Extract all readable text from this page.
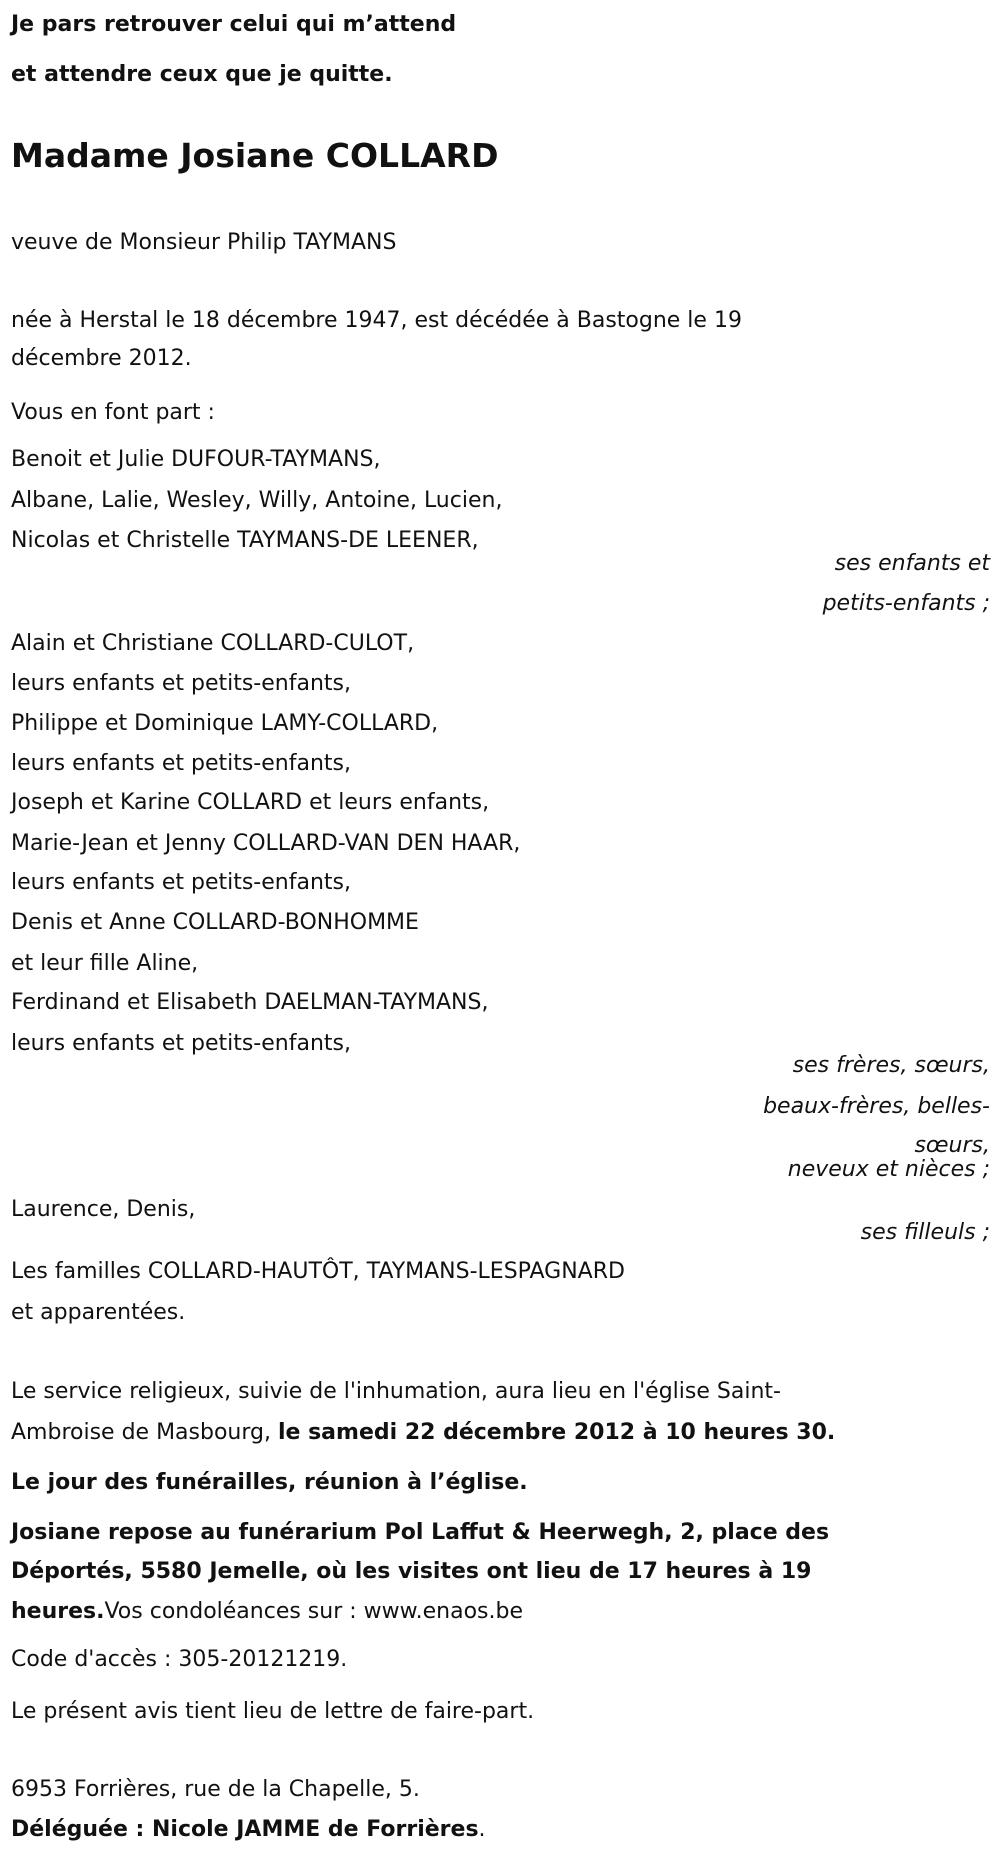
Je pars retrouver celui qui m’attend
et attendre ceux que je quitte.
Madame Josiane COLLARD
veuve de Monsieur Philip TAYMANS
née à Herstal le 18 décembre 1947, est décédée à Bastogne le 19
décembre 2012.
Vous en font part :
Benoit et Julie DUFOUR-TAYMANS,
Albane, Lalie, Wesley, Willy, Antoine, Lucien,
Nicolas et Christelle TAYMANS-DE LEENER,
ses enfants et
petits-enfants ;
Alain et Christiane COLLARD-CULOT,
leurs enfants et petits-enfants,
Philippe et Dominique LAMY-COLLARD,
leurs enfants et petits-enfants,
Joseph et Karine COLLARD et leurs enfants,
Marie-Jean et Jenny COLLARD-VAN DEN HAAR,
leurs enfants et petits-enfants,
Denis et Anne COLLARD-BONHOMME
et leur fille Aline,
Ferdinand et Elisabeth DAELMAN-TAYMANS,
leurs enfants et petits-enfants,
ses frères, sœurs,
beaux-frères, belles-
sœurs,
neveux et nièces ;
Laurence, Denis,
ses filleuls ;
Les familles COLLARD-HAUTÔT, TAYMANS-LESPAGNARD
et apparentées.
Le service religieux, suivie de l'inhumation, aura lieu en l'église Saint-
Ambroise de Masbourg, le samedi 22 décembre 2012 à 10 heures 30.
Le jour des funérailles, réunion à l’église.
Josiane repose au funérarium Pol Laffut & Heerwegh, 2, place des
Déportés, 5580 Jemelle, où les visites ont lieu de 17 heures à 19
heures.Vos condoléances sur : www.enaos.be
Code d'accès : 305-20121219.
Le présent avis tient lieu de lettre de faire-part.
6953 Forrières, rue de la Chapelle, 5.
Déléguée : Nicole JAMME de Forrières.
